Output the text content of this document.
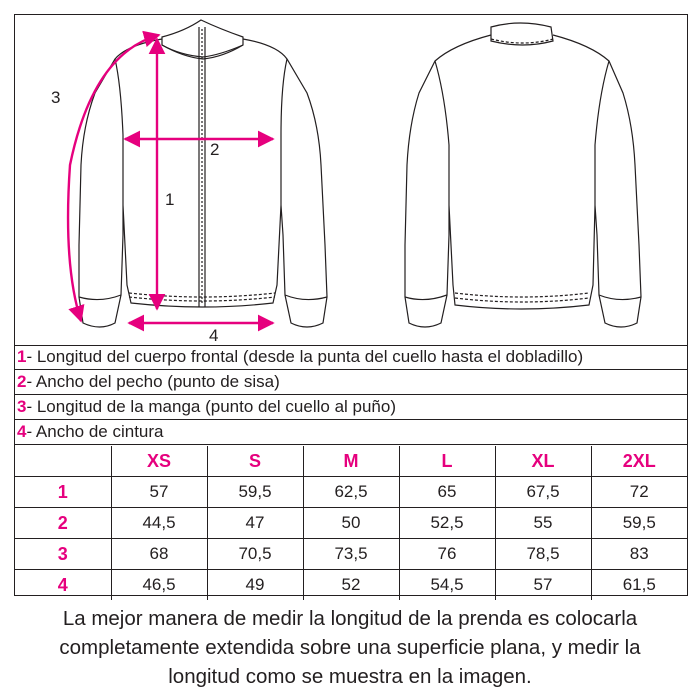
3
2
1
4
1- Longitud del cuerpo frontal (desde la punta del cuello hasta el dobladillo)
2- Ancho del pecho (punto de sisa)
3- Longitud de la manga (punto del cuello al puño)
4- Ancho de cintura
	XS	S	M	L	XL	2XL
1	57	59,5	62,5	65	67,5	72
2	44,5	47	50	52,5	55	59,5
3	68	70,5	73,5	76	78,5	83
4	46,5	49	52	54,5	57	61,5
La mejor manera de medir la longitud de la prenda es colocarla
completamente extendida sobre una superficie plana, y medir la
longitud como se muestra en la imagen.
